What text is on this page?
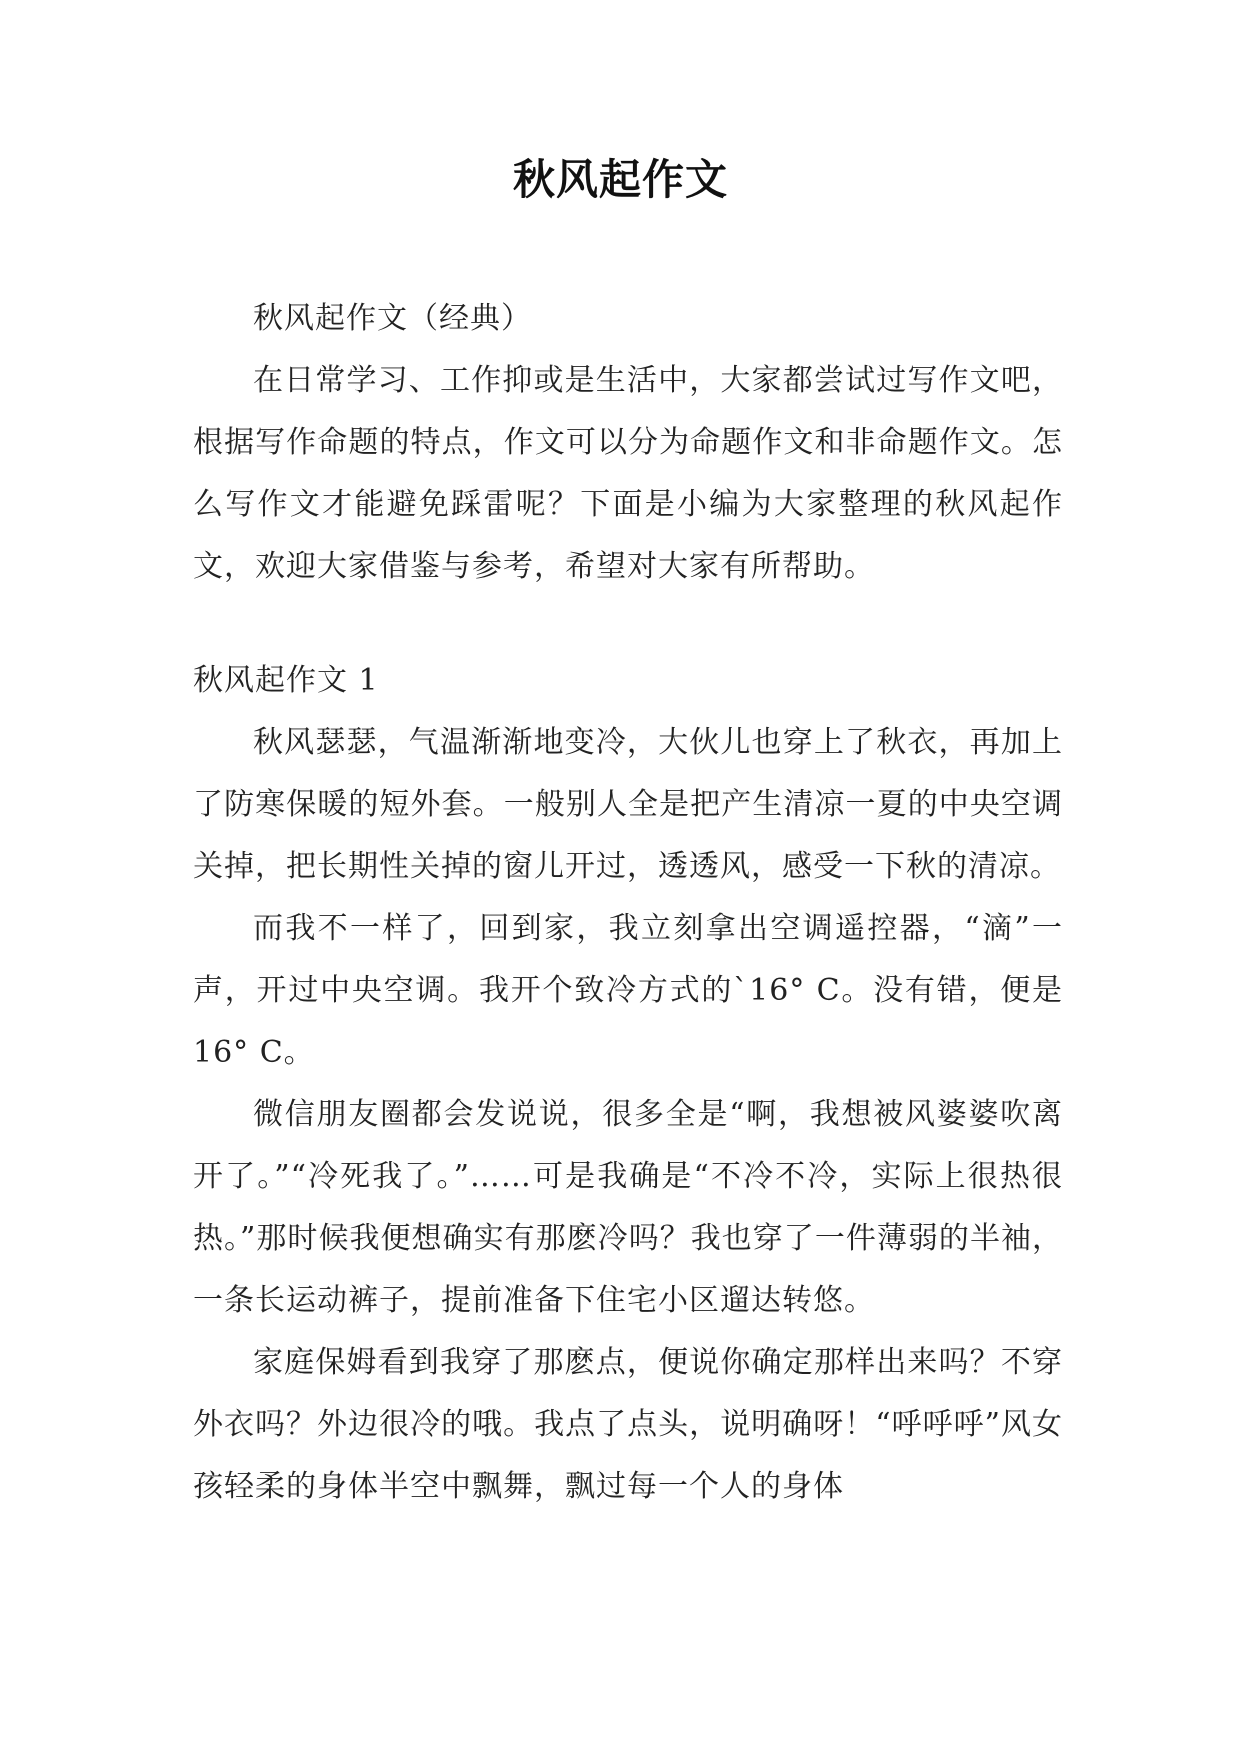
秋风起作文

秋风起作文（经典）

在日常学习、工作抑或是生活中，大家都尝试过写作文吧，根据写作命题的特点，作文可以分为命题作文和非命题作文。怎么写作文才能避免踩雷呢？下面是小编为大家整理的秋风起作文，欢迎大家借鉴与参考，希望对大家有所帮助。

秋风起作文 1

秋风瑟瑟，气温渐渐地变冷，大伙儿也穿上了秋衣，再加上了防寒保暖的短外套。一般别人全是把产生清凉一夏的中央空调关掉，把长期性关掉的窗儿开过，透透风，感受一下秋的清凉。

而我不一样了，回到家，我立刻拿出空调遥控器，“滴”一声，开过中央空调。我开个致冷方式的`16° C。没有错，便是 16° C。

微信朋友圈都会发说说，很多全是“啊，我想被风婆婆吹离开了。”“冷死我了。”……可是我确是“不冷不冷，实际上很热很热。”那时候我便想确实有那麽冷吗？我也穿了一件薄弱的半袖，一条长运动裤子，提前准备下住宅小区遛达转悠。

家庭保姆看到我穿了那麽点，便说你确定那样出来吗？不穿外衣吗？外边很冷的哦。我点了点头，说明确呀！“呼呼呼”风女孩轻柔的身体半空中飘舞，飘过每一个人的身体
